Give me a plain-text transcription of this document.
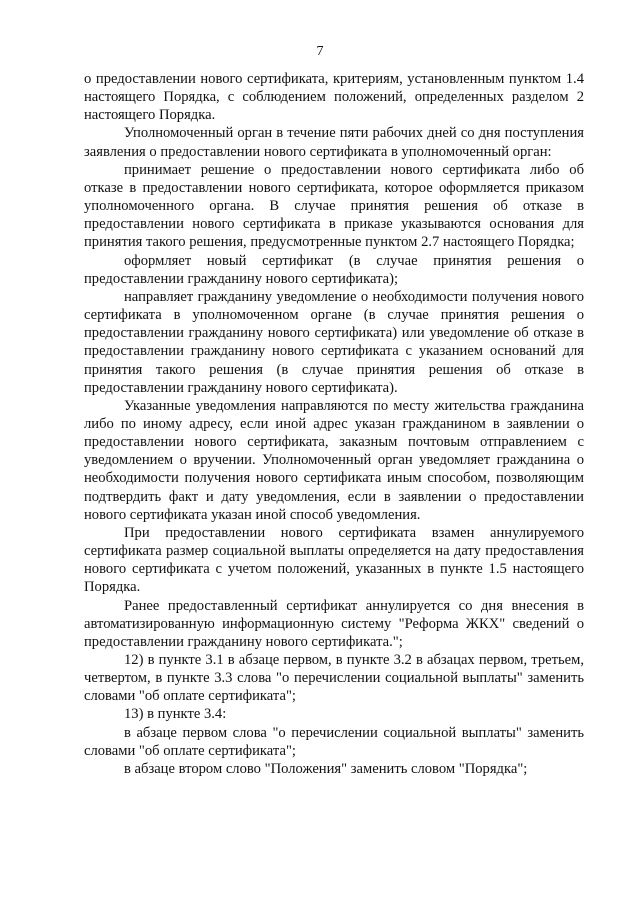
7

о предоставлении нового сертификата, критериям, установленным пунктом 1.4 настоящего Порядка, с соблюдением положений, определенных разделом 2 настоящего Порядка.

Уполномоченный орган в течение пяти рабочих дней со дня поступления заявления о предоставлении нового сертификата в уполномоченный орган:

принимает решение о предоставлении нового сертификата либо об отказе в предоставлении нового сертификата, которое оформляется приказом уполномоченного органа. В случае принятия решения об отказе в предоставлении нового сертификата в приказе указываются основания для принятия такого решения, предусмотренные пунктом 2.7 настоящего Порядка;

оформляет новый сертификат (в случае принятия решения о предоставлении гражданину нового сертификата);

направляет гражданину уведомление о необходимости получения нового сертификата в уполномоченном органе (в случае принятия решения о предоставлении гражданину нового сертификата) или уведомление об отказе в предоставлении гражданину нового сертификата с указанием оснований для принятия такого решения (в случае принятия решения об отказе в предоставлении гражданину нового сертификата).

Указанные уведомления направляются по месту жительства гражданина либо по иному адресу, если иной адрес указан гражданином в заявлении о предоставлении нового сертификата, заказным почтовым отправлением с уведомлением о вручении. Уполномоченный орган уведомляет гражданина о необходимости получения нового сертификата иным способом, позволяющим подтвердить факт и дату уведомления, если в заявлении о предоставлении нового сертификата указан иной способ уведомления.

При предоставлении нового сертификата взамен аннулируемого сертификата размер социальной выплаты определяется на дату предоставления нового сертификата с учетом положений, указанных в пункте 1.5 настоящего Порядка.

Ранее предоставленный сертификат аннулируется со дня внесения в автоматизированную информационную систему "Реформа ЖКХ" сведений о предоставлении гражданину нового сертификата.";

12) в пункте 3.1 в абзаце первом, в пункте 3.2 в абзацах первом, третьем, четвертом, в пункте 3.3 слова "о перечислении социальной выплаты" заменить словами "об оплате сертификата";

13) в пункте 3.4:

в абзаце первом слова "о перечислении социальной выплаты" заменить словами "об оплате сертификата";

в абзаце втором слово "Положения" заменить словом "Порядка";
